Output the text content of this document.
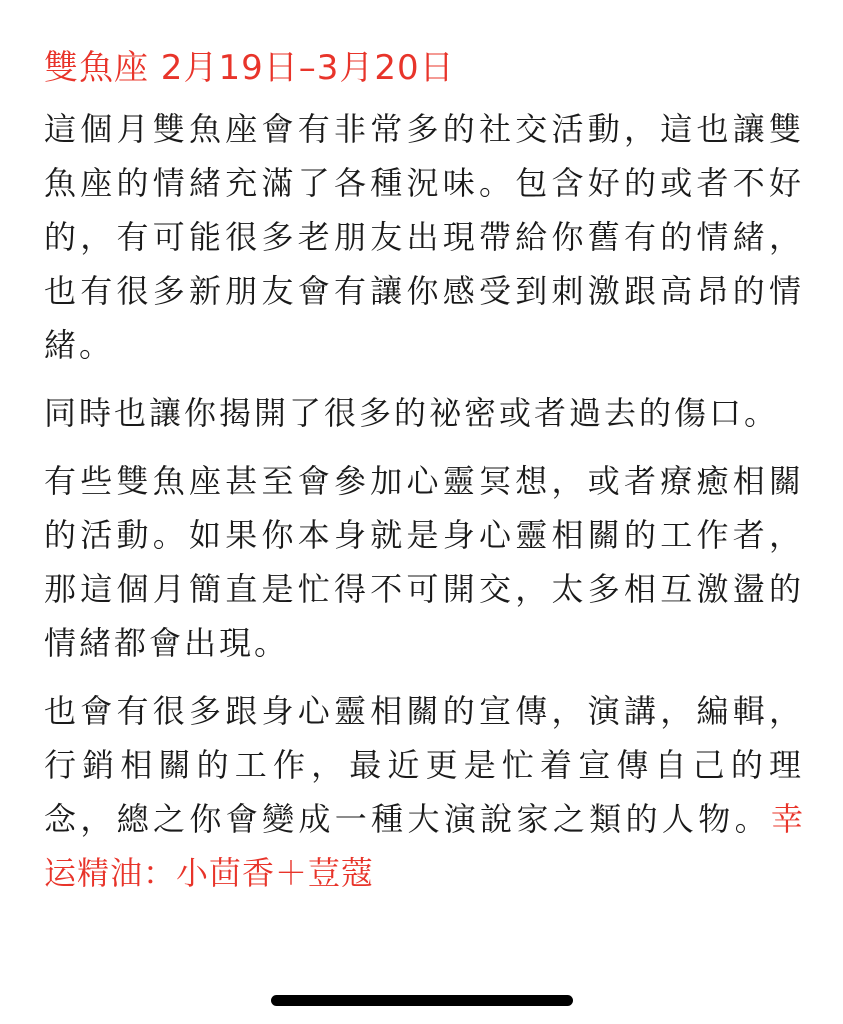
雙魚座 2月19日–3月20日

這個月雙魚座會有非常多的社交活動，這也讓雙魚座的情緒充滿了各種況味。包含好的或者不好的，有可能很多老朋友出現帶給你舊有的情緒，也有很多新朋友會有讓你感受到刺激跟高昂的情緒。

同時也讓你揭開了很多的祕密或者過去的傷口。

有些雙魚座甚至會參加心靈冥想，或者療癒相關的活動。如果你本身就是身心靈相關的工作者，那這個月簡直是忙得不可開交，太多相互激盪的情緒都會出現。

也會有很多跟身心靈相關的宣傳，演講，編輯，行銷相關的工作，最近更是忙着宣傳自己的理念，總之你會變成一種大演說家之類的人物。幸运精油：小茴香＋荳蔻
